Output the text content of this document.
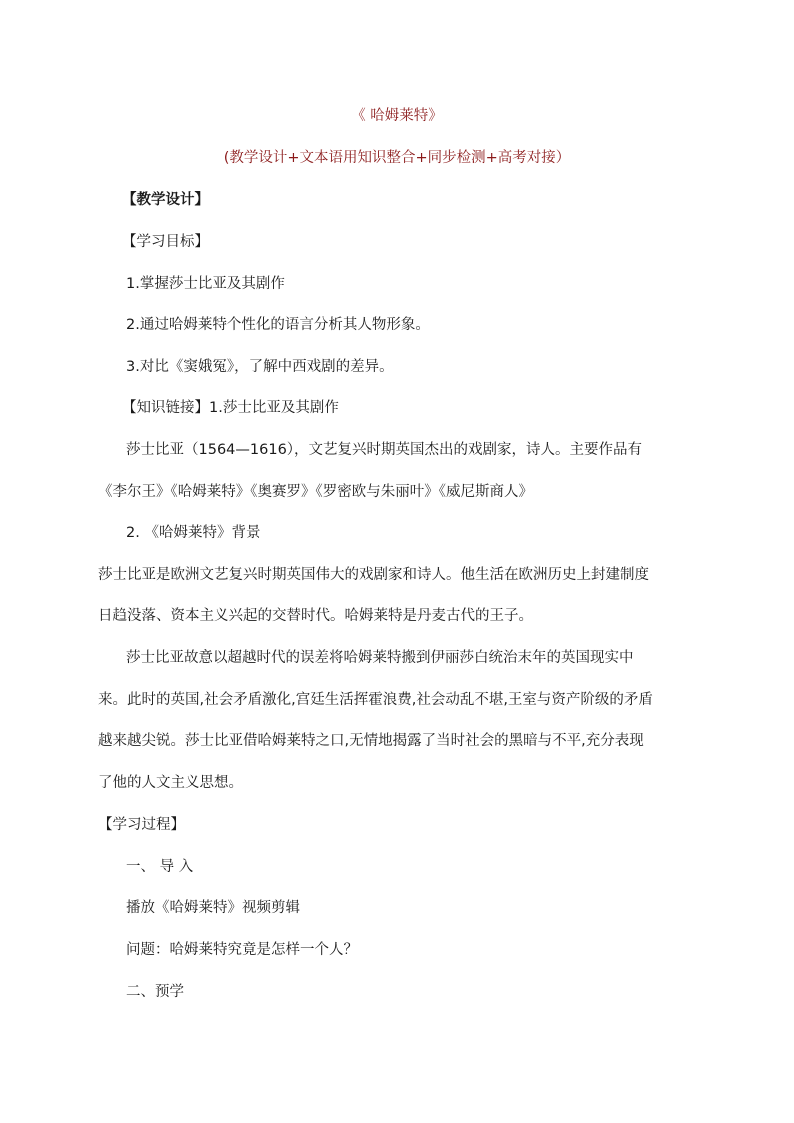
《 哈姆莱特》
(教学设计+文本语用知识整合+同步检测+高考对接）
【教学设计】
【学习目标】
1.掌握莎士比亚及其剧作
2.通过哈姆莱特个性化的语言分析其人物形象。
3.对比《窦娥冤》，了解中西戏剧的差异。
【知识链接】1.莎士比亚及其剧作
莎士比亚（1564—1616），文艺复兴时期英国杰出的戏剧家，诗人。主要作品有
《李尔王》《哈姆莱特》《奥赛罗》《罗密欧与朱丽叶》《威尼斯商人》
2. 《哈姆莱特》背景
莎士比亚是欧洲文艺复兴时期英国伟大的戏剧家和诗人。他生活在欧洲历史上封建制度
日趋没落、资本主义兴起的交替时代。哈姆莱特是丹麦古代的王子。
莎士比亚故意以超越时代的误差将哈姆莱特搬到伊丽莎白统治末年的英国现实中
来。此时的英国,社会矛盾激化,宫廷生活挥霍浪费,社会动乱不堪,王室与资产阶级的矛盾
越来越尖锐。莎士比亚借哈姆莱特之口,无情地揭露了当时社会的黑暗与不平,充分表现
了他的人文主义思想。
【学习过程】
一、 导 入
播放《哈姆莱特》视频剪辑
问题：哈姆莱特究竟是怎样一个人？
二、预学
